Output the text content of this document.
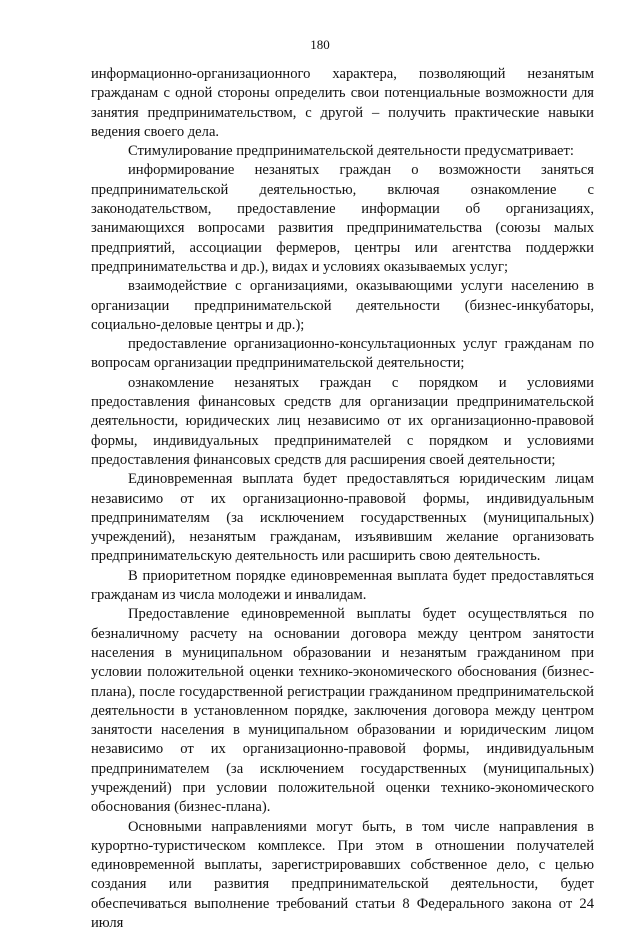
180

информационно-организационного характера, позволяющий незанятым гражданам с одной стороны определить свои потенциальные возможности для занятия предпринимательством, с другой – получить практические навыки ведения своего дела.

Стимулирование предпринимательской деятельности предусматривает:

информирование незанятых граждан о возможности заняться предпринимательской деятельностью, включая ознакомление с законодательством, предоставление информации об организациях, занимающихся вопросами развития предпринимательства (союзы малых предприятий, ассоциации фермеров, центры или агентства поддержки предпринимательства и др.), видах и условиях оказываемых услуг;

взаимодействие с организациями, оказывающими услуги населению в организации предпринимательской деятельности (бизнес-инкубаторы, социально-деловые центры и др.);

предоставление организационно-консультационных услуг гражданам по вопросам организации предпринимательской деятельности;

ознакомление незанятых граждан с порядком и условиями предоставления финансовых средств для организации предпринимательской деятельности, юридических лиц независимо от их организационно-правовой формы, индивидуальных предпринимателей с порядком и условиями предоставления финансовых средств для расширения своей деятельности;

Единовременная выплата будет предоставляться юридическим лицам независимо от их организационно-правовой формы, индивидуальным предпринимателям (за исключением государственных (муниципальных) учреждений), незанятым гражданам, изъявившим желание организовать предпринимательскую деятельность или расширить свою деятельность.

В приоритетном порядке единовременная выплата будет предоставляться гражданам из числа молодежи и инвалидам.

Предоставление единовременной выплаты будет осуществляться по безналичному расчету на основании договора между центром занятости населения в муниципальном образовании и незанятым гражданином при условии положительной оценки технико-экономического обоснования (бизнес-плана), после государственной регистрации гражданином предпринимательской деятельности в установленном порядке, заключения договора между центром занятости населения в муниципальном образовании и юридическим лицом независимо от их организационно-правовой формы, индивидуальным предпринимателем (за исключением государственных (муниципальных) учреждений) при условии положительной оценки технико-экономического обоснования (бизнес-плана).

Основными направлениями могут быть, в том числе направления в курортно-туристическом комплексе. При этом в отношении получателей единовременной выплаты, зарегистрировавших собственное дело, с целью создания или развития предпринимательской деятельности, будет обеспечиваться выполнение требований статьи 8 Федерального закона от 24 июля
